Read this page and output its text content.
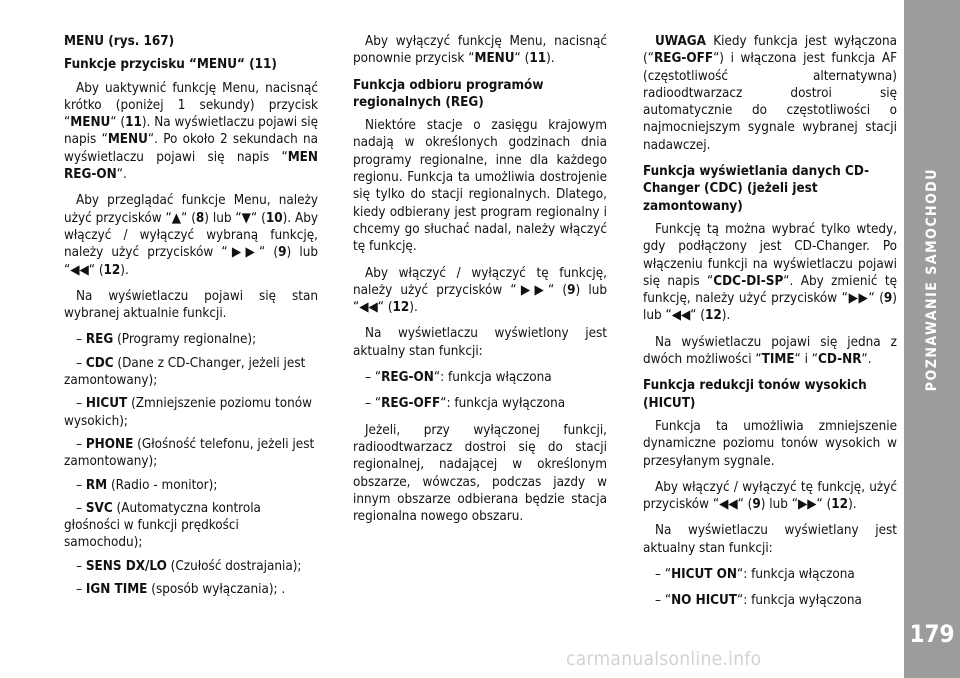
MENU (rys. 167)

Funkcje przycisku “MENU“ (11)

Aby uaktywnić funkcję Menu, nacisnąć krótko (poniżej 1 sekundy) przycisk “MENU“ (11). Na wyświetlaczu pojawi się napis “MENU“. Po około 2 sekundach na wyświetlaczu pojawi się napis “MEN REG-ON“.

Aby przeglądać funkcje Menu, należy użyć przycisków “▲“ (8) lub “▼“ (10). Aby włączyć / wyłączyć wybraną funkcję, należy użyć przycisków “▶▶“ (9) lub “◀◀“ (12).

Na wyświetlaczu pojawi się stan wybranej aktualnie funkcji.

– REG (Programy regionalne);

– CDC (Dane z CD-Changer, jeżeli jest zamontowany);

– HICUT (Zmniejszenie poziomu tonów wysokich);

– PHONE (Głośność telefonu, jeżeli jest zamontowany);

– RM (Radio - monitor);

– SVC (Automatyczna kontrola głośności w funkcji prędkości samochodu);

– SENS DX/LO (Czułość dostrajania);

– IGN TIME (sposób wyłączania); .

Aby wyłączyć funkcję Menu, nacisnąć ponownie przycisk “MENU“ (11).

Funkcja odbioru programów regionalnych (REG)

Niektóre stacje o zasięgu krajowym nadają w określonych godzinach dnia programy regionalne, inne dla każdego regionu. Funkcja ta umożliwia dostrojenie się tylko do stacji regionalnych. Dlatego, kiedy odbierany jest program regionalny i chcemy go słuchać nadal, należy włączyć tę funkcję.

Aby włączyć / wyłączyć tę funkcję, należy użyć przycisków “▶▶“ (9) lub “◀◀“ (12).

Na wyświetlaczu wyświetlony jest aktualny stan funkcji:

– “REG-ON“: funkcja włączona

– “REG-OFF“: funkcja wyłączona

Jeżeli, przy wyłączonej funkcji, radioodtwarzacz dostroi się do stacji regionalnej, nadającej w określonym obszarze, wówczas, podczas jazdy w innym obszarze odbierana będzie stacja regionalna nowego obszaru.

UWAGA Kiedy funkcja jest wyłączona (“REG-OFF“) i włączona jest funkcja AF (częstotliwość alternatywna) radioodtwarzacz dostroi się automatycznie do częstotliwości o najmocniejszym sygnale wybranej stacji nadawczej.

Funkcja wyświetlania danych CD-Changer (CDC) (jeżeli jest zamontowany)

Funkcję tą można wybrać tylko wtedy, gdy podłączony jest CD-Changer. Po włączeniu funkcji na wyświetlaczu pojawi się napis “CDC-DI-SP“. Aby zmienić tę funkcję, należy użyć przycisków “▶▶“ (9) lub “◀◀“ (12).

Na wyświetlaczu pojawi się jedna z dwóch możliwości “TIME“ i “CD-NR“.

Funkcja redukcji tonów wysokich (HICUT)

Funkcja ta umożliwia zmniejszenie dynamiczne poziomu tonów wysokich w przesyłanym sygnale.

Aby włączyć / wyłączyć tę funkcję, użyć przycisków “◀◀“ (9) lub “▶▶“ (12).

Na wyświetlaczu wyświetlany jest aktualny stan funkcji:

– “HICUT ON“: funkcja włączona

– “NO HICUT“: funkcja wyłączona

POZNAWANIE SAMOCHODU
179
carmanualsonline.info
